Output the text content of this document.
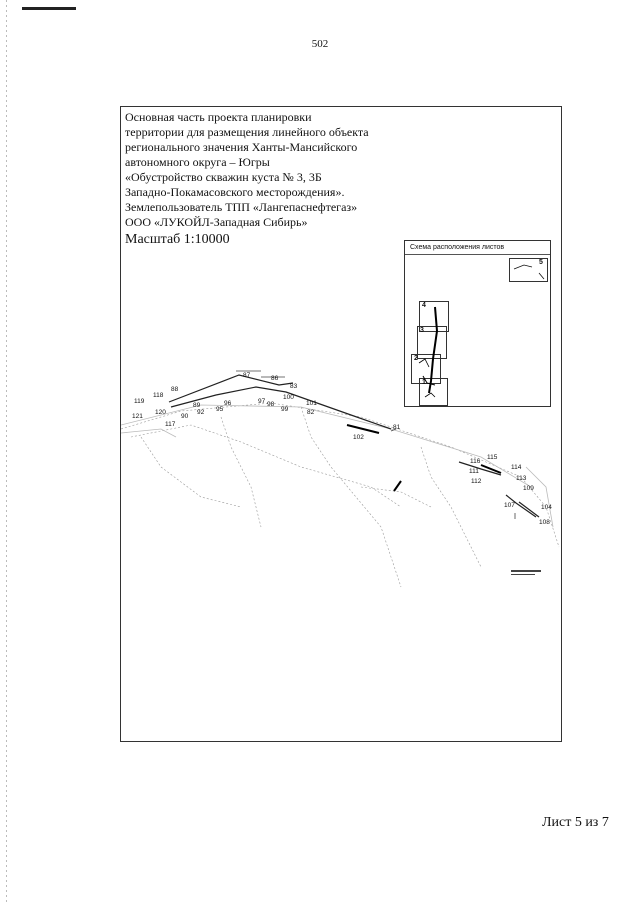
502
Основная часть проекта планировки
территории для размещения линейного объекта
регионального значения Ханты-Мансийского
автономного округа – Югры
«Обустройство скважин куста № 3, 3Б
Западно-Покамасовского месторождения».
Землепользователь ТПП «Лангепаснефтегаз»
ООО «ЛУКОЙЛ-Западная Сибирь»
Масштаб 1:10000
81
82
83
86
87
88
89
90
92 95
96	97 98
99
100
101
102
104
107
108
109
111
112	113
114
115
116
117
118
119
120
121
Схема расположения листов
5
4
3
2
1
Лист 5 из 7
